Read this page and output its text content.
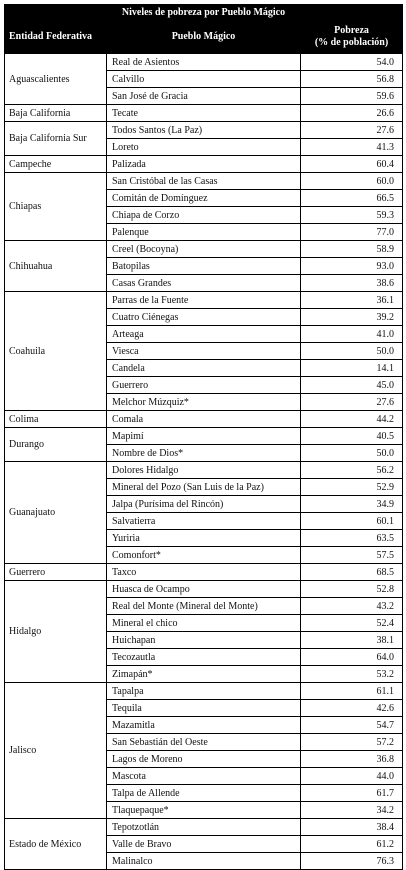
Niveles de pobreza por Pueblo Mágico		
Entidad Federativa	Pueblo Mágico	Pobreza
(% de población)
Aguascalientes	Real de Asientos	54.0
	Calvillo	56.8
	San José de Gracia	59.6
Baja California	Tecate	26.6
Baja California Sur	Todos Santos (La Paz)	27.6
	Loreto	41.3
Campeche	Palizada	60.4
Chiapas	San Cristóbal de las Casas	60.0
	Comitán de Domínguez	66.5
	Chiapa de Corzo	59.3
	Palenque	77.0
Chihuahua	Creel (Bocoyna)	58.9
	Batopilas	93.0
	Casas Grandes	38.6
Coahuila	Parras de la Fuente	36.1
	Cuatro Ciénegas	39.2
	Arteaga	41.0
	Viesca	50.0
	Candela	14.1
	Guerrero	45.0
	Melchor Múzquiz*	27.6
Colima	Comala	44.2
Durango	Mapimí	40.5
	Nombre de Dios*	50.0
Guanajuato	Dolores Hidalgo	56.2
	Mineral del Pozo (San Luis de la Paz)	52.9
	Jalpa (Purísima del Rincón)	34.9
	Salvatierra	60.1
	Yuriria	63.5
	Comonfort*	57.5
Guerrero	Taxco	68.5
Hidalgo	Huasca de Ocampo	52.8
	Real del Monte (Mineral del Monte)	43.2
	Mineral el chico	52.4
	Huichapan	38.1
	Tecozautla	64.0
	Zimapán*	53.2
Jalisco	Tapalpa	61.1
	Tequila	42.6
	Mazamitla	54.7
	San Sebastián del Oeste	57.2
	Lagos de Moreno	36.8
	Mascota	44.0
	Talpa de Allende	61.7
	Tlaquepaque*	34.2
Estado de México	Tepotzotlán	38.4
	Valle de Bravo	61.2
	Malinalco	76.3
